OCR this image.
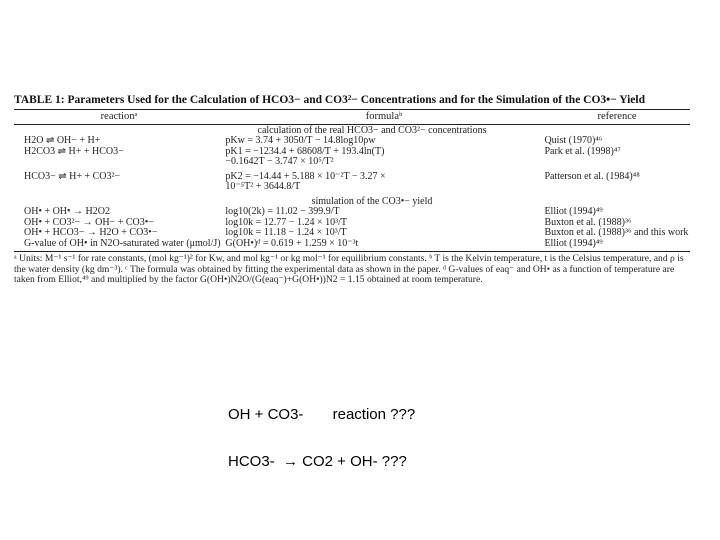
TABLE 1: Parameters Used for the Calculation of HCO3− and CO3²− Concentrations and for the Simulation of the CO3•− Yield
reactionᵃ	formulaᵇ	reference
calculation of the real HCO3− and CO3²− concentrations
H2O ⇌ OH− + H+	pKw = 3.74 + 3050/T − 14.8log10ρw	Quist (1970)⁴⁶
H2CO3 ⇌ H+ + HCO3−	pK1 = −1234.4 + 68608/T + 193.4ln(T)	Park et al. (1998)⁴⁷
−0.1642T − 3.747 × 10⁵/T²
HCO3− ⇌ H+ + CO3²−	pK2 = −14.44 + 5.188 × 10⁻²T − 3.27 ×	Patterson et al. (1984)⁴⁸
10⁻⁵T² + 3644.8/T
simulation of the CO3•− yield
OH• + OH• → H2O2	log10(2k) = 11.02 − 399.9/T	Elliot (1994)⁴⁹
OH• + CO3²− → OH− + CO3•−	log10k = 12.77 − 1.24 × 10³/T	Buxton et al. (1988)³⁶
OH• + HCO3− → H2O + CO3•−	log10k = 11.18 − 1.24 × 10³/T	Buxton et al. (1988)³⁶ and this work
G-value of OH• in N2O-saturated water (μmol/J) G(OH•)ᵈ = 0.619 + 1.259 × 10⁻³t	Elliot (1994)⁴⁹
ᵃ Units: M⁻¹ s⁻¹ for rate constants, (mol kg⁻¹)² for Kw, and mol kg⁻¹ or kg mol⁻¹ for equilibrium constants. ᵇ T is the Kelvin temperature, t is the Celsius temperature, and ρ is the water density (kg dm⁻³). ᶜ The formula was obtained by fitting the experimental data as shown in the paper. ᵈ G-values of eaq⁻ and OH• as a function of temperature are taken from Elliot,⁴⁹ and multiplied by the factor G(OH•)N2O/(G(eaq⁻)+G(OH•))N2 = 1.15 obtained at room temperature.
OH + CO3-       reaction ???
HCO3-  → CO2 + OH- ???
